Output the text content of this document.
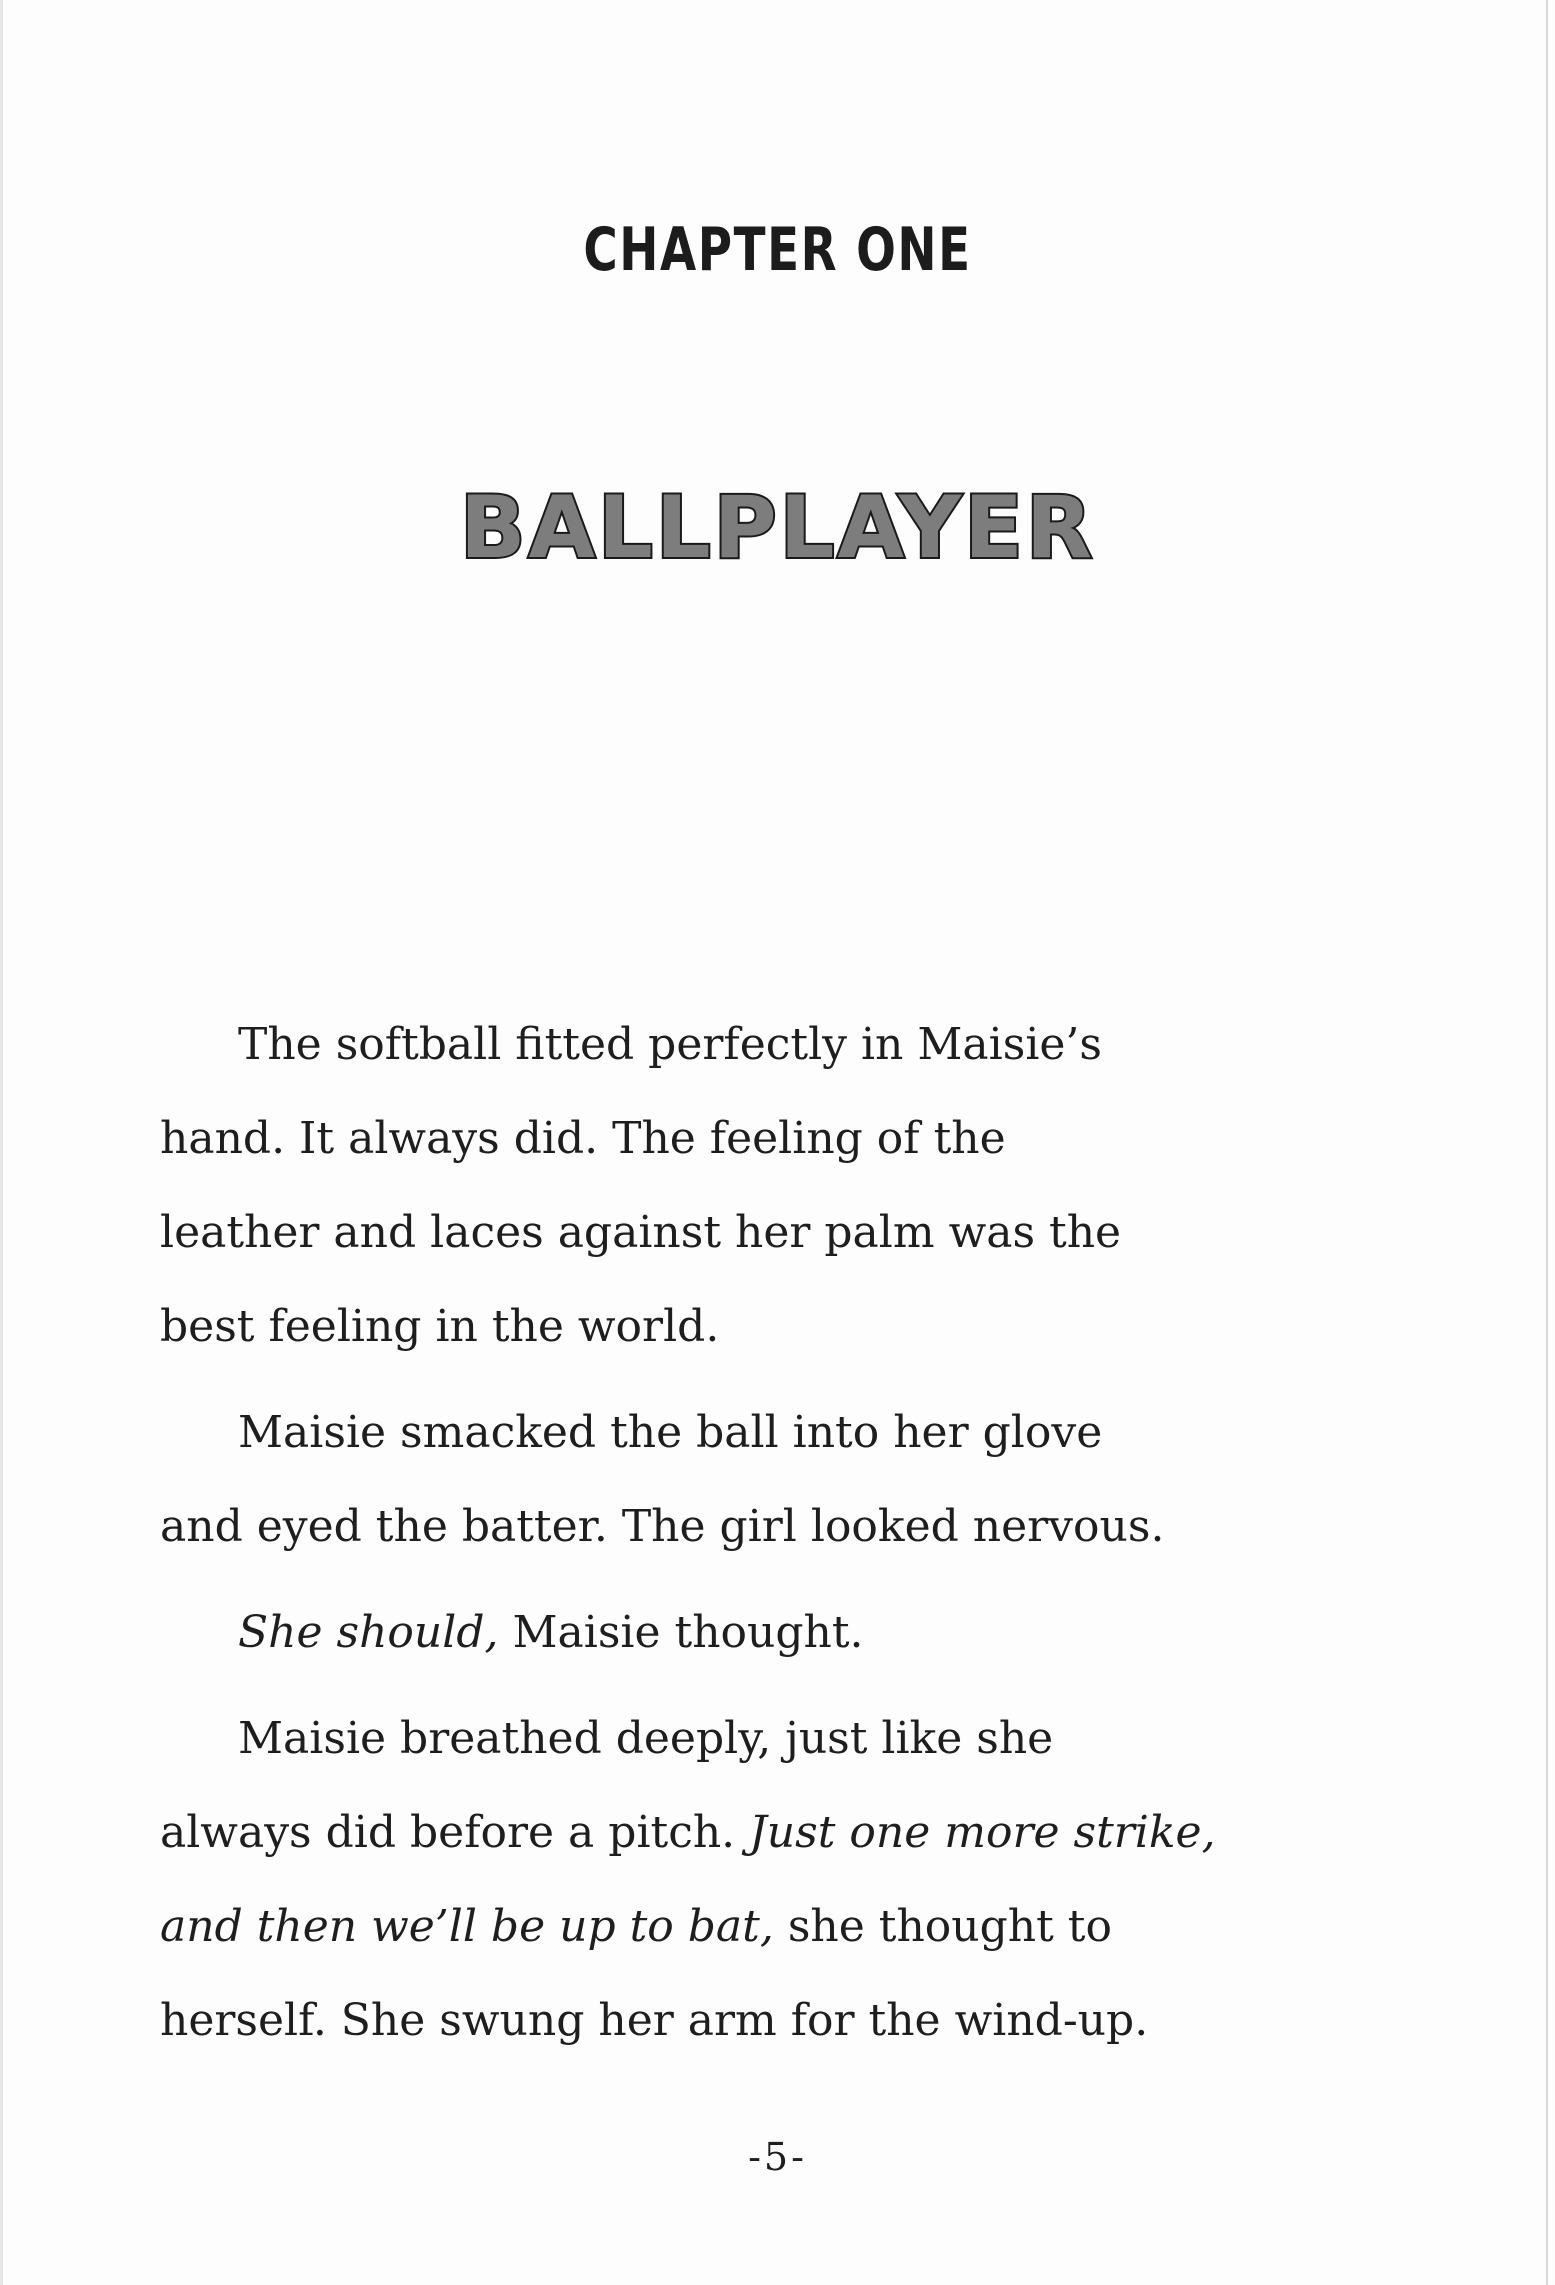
CHAPTER ONE
BALLPLAYER
The softball fitted perfectly in Maisie’s
hand. It always did. The feeling of the
leather and laces against her palm was the
best feeling in the world.
Maisie smacked the ball into her glove
and eyed the batter. The girl looked nervous.
She should, Maisie thought.
Maisie breathed deeply, just like she
always did before a pitch. Just one more strike,
and then we’ll be up to bat, she thought to
herself. She swung her arm for the wind-up.
-5-
